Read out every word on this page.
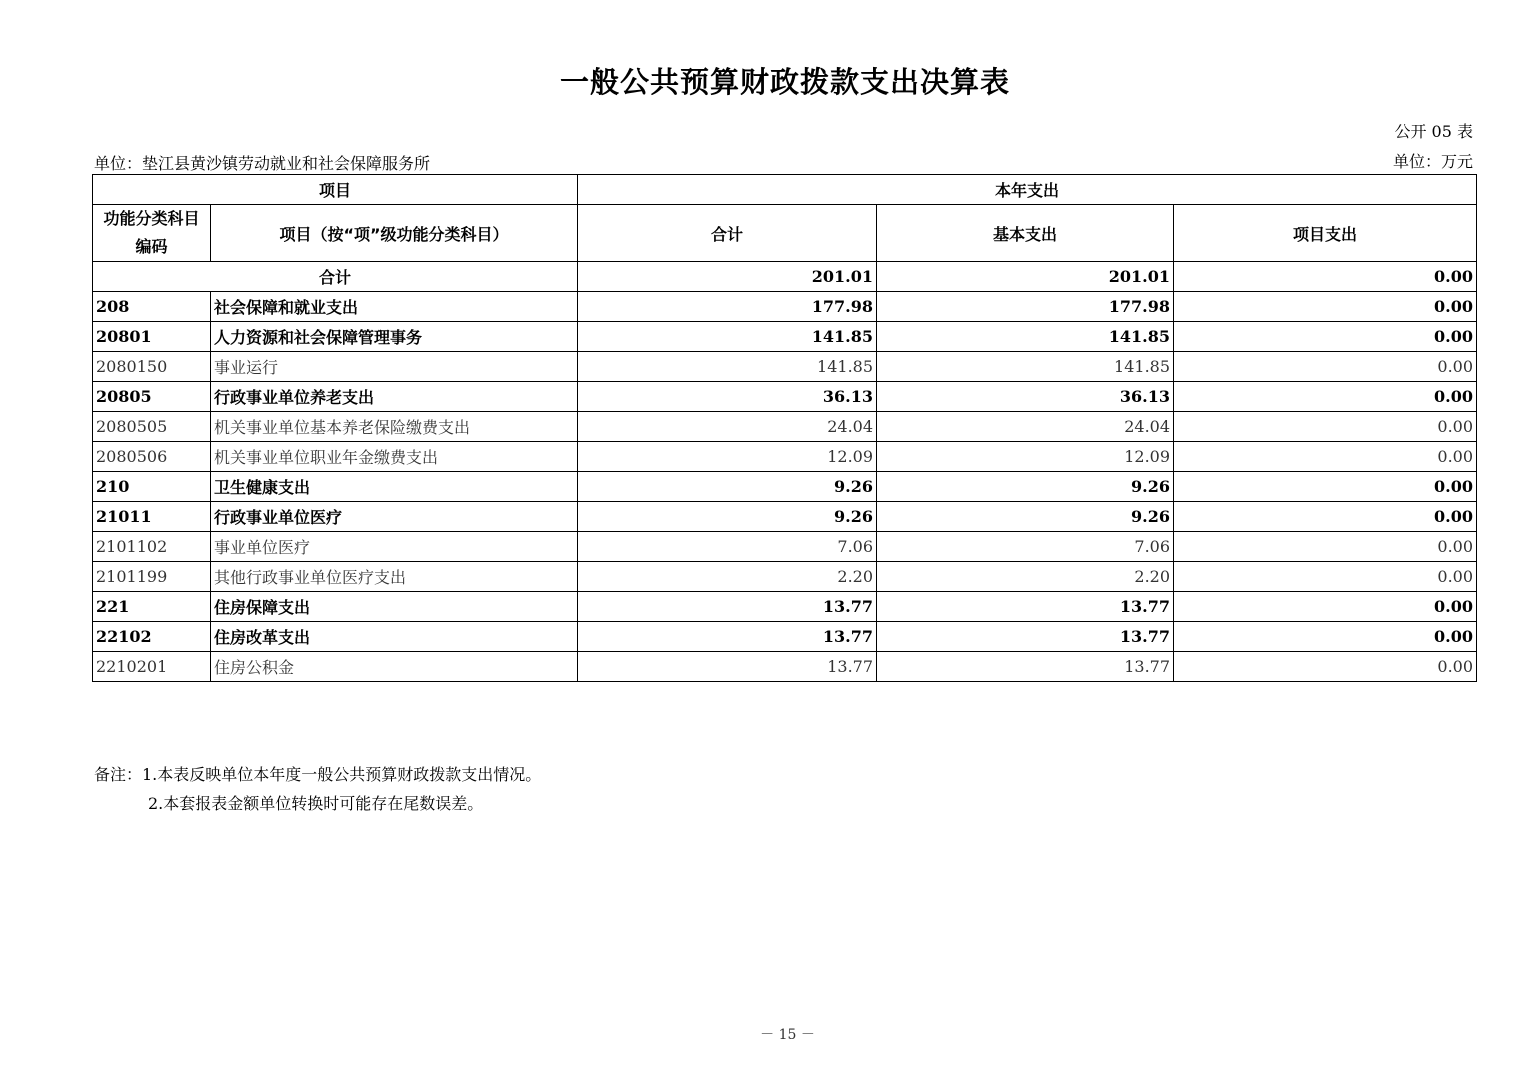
一般公共预算财政拨款支出决算表
公开 05 表
单位：垫江县黄沙镇劳动就业和社会保障服务所	单位：万元
项目		本年支出		
功能分类科目编码	项目（按“项”级功能分类科目）	合计	基本支出	项目支出
合计		201.01	201.01	0.00
208	社会保障和就业支出	177.98	177.98	0.00
20801	人力资源和社会保障管理事务	141.85	141.85	0.00
2080150	事业运行	141.85	141.85	0.00
20805	行政事业单位养老支出	36.13	36.13	0.00
2080505	机关事业单位基本养老保险缴费支出	24.04	24.04	0.00
2080506	机关事业单位职业年金缴费支出	12.09	12.09	0.00
210	卫生健康支出	9.26	9.26	0.00
21011	行政事业单位医疗	9.26	9.26	0.00
2101102	事业单位医疗	7.06	7.06	0.00
2101199	其他行政事业单位医疗支出	2.20	2.20	0.00
221	住房保障支出	13.77	13.77	0.00
22102	住房改革支出	13.77	13.77	0.00
2210201	住房公积金	13.77	13.77	0.00
备注：1.本表反映单位本年度一般公共预算财政拨款支出情况。
2.本套报表金额单位转换时可能存在尾数误差。
－ 15 －
